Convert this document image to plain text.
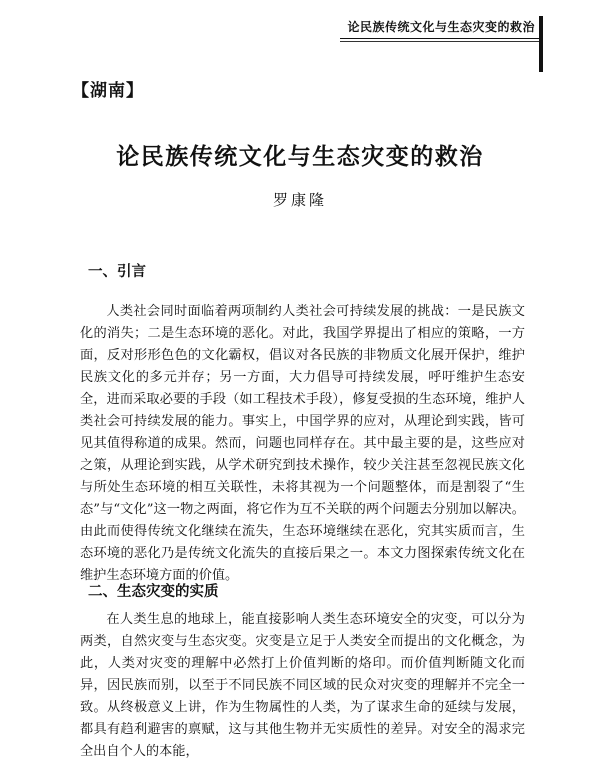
论民族传统文化与生态灾变的救治
【湖南】
论民族传统文化与生态灾变的救治
罗康隆
一、引言

人类社会同时面临着两项制约人类社会可持续发展的挑战：一是民族文化的消失；二是生态环境的恶化。对此，我国学界提出了相应的策略，一方面，反对形形色色的文化霸权，倡议对各民族的非物质文化展开保护，维护民族文化的多元并存；另一方面，大力倡导可持续发展，呼吁维护生态安全，进而采取必要的手段（如工程技术手段），修复受损的生态环境，维护人类社会可持续发展的能力。事实上，中国学界的应对，从理论到实践，皆可见其值得称道的成果。然而，问题也同样存在。其中最主要的是，这些应对之策，从理论到实践，从学术研究到技术操作，较少关注甚至忽视民族文化与所处生态环境的相互关联性，未将其视为一个问题整体，而是割裂了“生态”与“文化”这一物之两面，将它作为互不关联的两个问题去分别加以解决。由此而使得传统文化继续在流失，生态环境继续在恶化，究其实质而言，生态环境的恶化乃是传统文化流失的直接后果之一。本文力图探索传统文化在维护生态环境方面的价值。

二、生态灾变的实质

在人类生息的地球上，能直接影响人类生态环境安全的灾变，可以分为两类，自然灾变与生态灾变。灾变是立足于人类安全而提出的文化概念，为此，人类对灾变的理解中必然打上价值判断的烙印。而价值判断随文化而异，因民族而别，以至于不同民族不同区域的民众对灾变的理解并不完全一致。从终极意义上讲，作为生物属性的人类，为了谋求生命的延续与发展，都具有趋利避害的禀赋，这与其他生物并无实质性的差异。对安全的渴求完全出自个人的本能，
